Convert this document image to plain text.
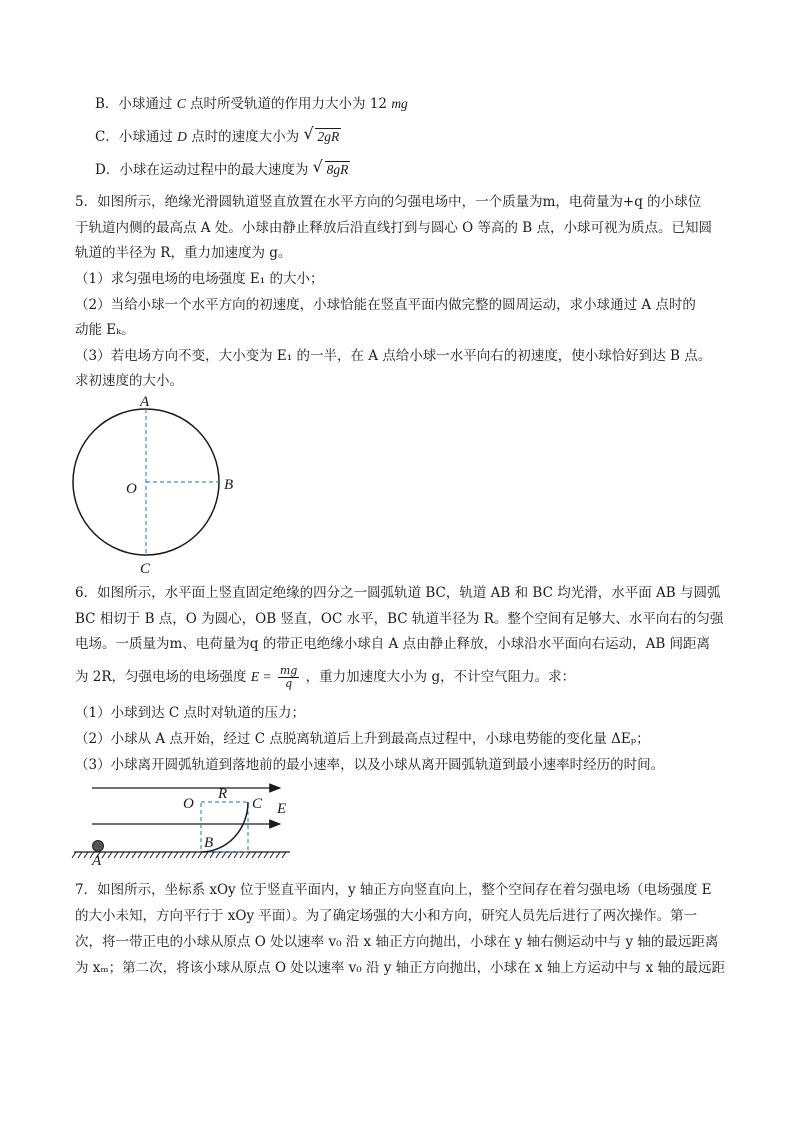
B．小球通过 C 点时所受轨道的作用力大小为 12 mg
C．小球通过 D 点时的速度大小为 √ 2gR
D．小球在运动过程中的最大速度为 √ 8gR
5．如图所示，绝缘光滑圆轨道竖直放置在水平方向的匀强电场中，一个质量为m，电荷量为+q 的小球位
于轨道内侧的最高点 A 处。小球由静止释放后沿直线打到与圆心 O 等高的 B 点，小球可视为质点。已知圆
轨道的半径为 R，重力加速度为 g。
（1）求匀强电场的电场强度 E₁ 的大小；
（2）当给小球一个水平方向的初速度，小球恰能在竖直平面内做完整的圆周运动，求小球通过 A 点时的
动能 Eₖ。
（3）若电场方向不变，大小变为 E₁ 的一半，在 A 点给小球一水平向右的初速度，使小球恰好到达 B 点。
求初速度的大小。
A
B
C
O
6．如图所示，水平面上竖直固定绝缘的四分之一圆弧轨道 BC，轨道 AB 和 BC 均光滑，水平面 AB 与圆弧
BC 相切于 B 点，O 为圆心，OB 竖直，OC 水平，BC 轨道半径为 R。整个空间有足够大、水平向右的匀强
电场。一质量为m、电荷量为q 的带正电绝缘小球自 A 点由静止释放，小球沿水平面向右运动，AB 间距离
为 2R，匀强电场的电场强度 $E = \frac{mg}{q}$ ，重力加速度大小为 g，不计空气阻力。求：
（1）小球到达 C 点时对轨道的压力；
（2）小球从 A 点开始，经过 C 点脱离轨道后上升到最高点过程中，小球电势能的变化量 ΔEₚ；
（3）小球离开圆弧轨道到落地前的最小速率，以及小球从离开圆弧轨道到最小速率时经历的时间。
O
R
C E
A
B
7．如图所示，坐标系 xOy 位于竖直平面内，y 轴正方向竖直向上，整个空间存在着匀强电场（电场强度 E
的大小未知，方向平行于 xOy 平面）。为了确定场强的大小和方向，研究人员先后进行了两次操作。第一
次，将一带正电的小球从原点 O 处以速率 v₀ 沿 x 轴正方向抛出，小球在 y 轴右侧运动中与 y 轴的最远距离
为 xₘ；第二次，将该小球从原点 O 处以速率 v₀ 沿 y 轴正方向抛出，小球在 x 轴上方运动中与 x 轴的最远距
